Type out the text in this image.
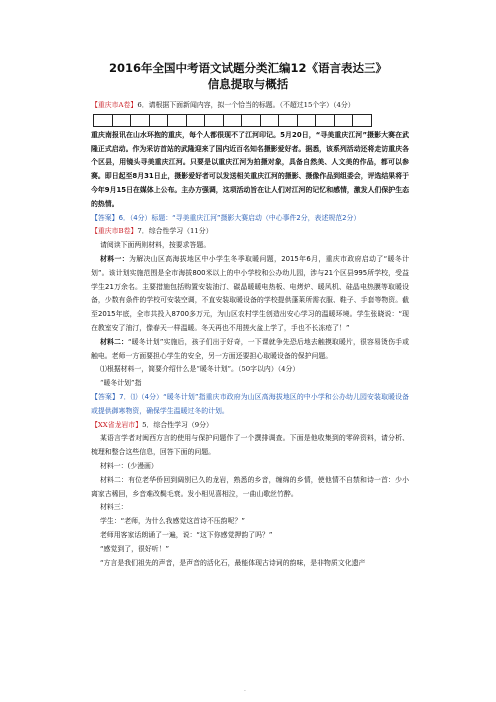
2016年全国中考语文试题分类汇编12《语言表达三》
信息提取与概括

【重庆市A卷】6．请根据下面新闻内容，拟一个恰当的标题。（不超过15个字）（4分）

重庆南报讯在山水环抱的重庆，每个人都很现不了江河印记。5月20日，“寻美重庆江河”摄影大赛在武隆正式启动。作为采访首站的武隆迎来了国内近百名知名摄影爱好者。据悉，该系列活动还将走访重庆各个区县，用镜头寻美重庆江河。只要是以重庆江河为拍摄对象，具备自然美、人文美的作品，都可以参赛。即日起至8月31日止，摄影爱好者可以发送相关重庆江河的摄影、摄像作品到组委会，评选结果将于今年9月15日在媒体上公布。主办方强调，这项活动旨在让人们对江河的记忆和感情，激发人们保护生态的热情。

【答案】6．（4分）标题：“寻美重庆江河”摄影大赛启动（中心事件2分，表述规范2分）

【重庆市B卷】7．综合性学习（11分）

请阅读下面两则材料，按要求答题。

材料一：为解决山区高海拔地区中小学生冬季取暖问题，2015年6月，重庆市政府启动了“暖冬计划”。该计划实施范围是全市海拔800米以上的中小学校和公办幼儿园，涉与21个区县995所学校，受益学生21万余名。主要措施包括购置安装油汀、碳晶暖暖电热板、电烤炉、暖风机、硅晶电热膜等取暖设备，少数有条件的学校可安装空调，不直安装取暖设备的学校提供蓬莱所需衣服、鞋子、手套等物资。截至2015年底，全市共投入8700多万元，为山区农村学生创造出安心学习的温暖环境。学生张晓说：“现在教室安了油汀，像春天一样温暖。冬天再也不用搓火盆上学了，手也不长冻疮了！”

材料二：“暖冬计划”实施后，孩子们出于好奇，一下课就争先恐后地去触摸取暖片，很容易烫伤手或触电。老师一方面要担心学生的安全，另一方面还要担心取暖设备的保护问题。

⑴根据材料一，简要介绍什么是“暖冬计划”。（50字以内）（4分）

“暖冬计划”指

【答案】7．⑴（4分）“暖冬计划”指重庆市政府为山区高海拔地区的中小学和公办幼儿园安装取暖设备或提供御寒物资，确保学生温暖过冬的计划。

【XX省龙岩市】5．综合性学习（9分）

某语言学者对闽西方言的使用与保护问题作了一个撰排调查。下面是他收集到的零碎资料，请分析、梳理和整合这些信息，回答下面的问题。

材料一：(少漫画）

材料二：有位老华侨回到阔别已久的龙岩，熟悉的乡音，缠绵的乡情，使他情不自禁和诗一首：少小离家古稀回，乡音难改鬓毛衰。发小相见喜相泣，一曲山歌丝竹醉。

材料三：

学生：“老师，为什么我感觉这首诗不压韵呢？”

老师用客家话朗诵了一遍，说：“这下你感觉押韵了吗？”

“感觉到了，很好听！”

“方言是我们祖先的声音，是声音的活化石，最能体现古诗词的韵味，是非物质文化遗产

.
